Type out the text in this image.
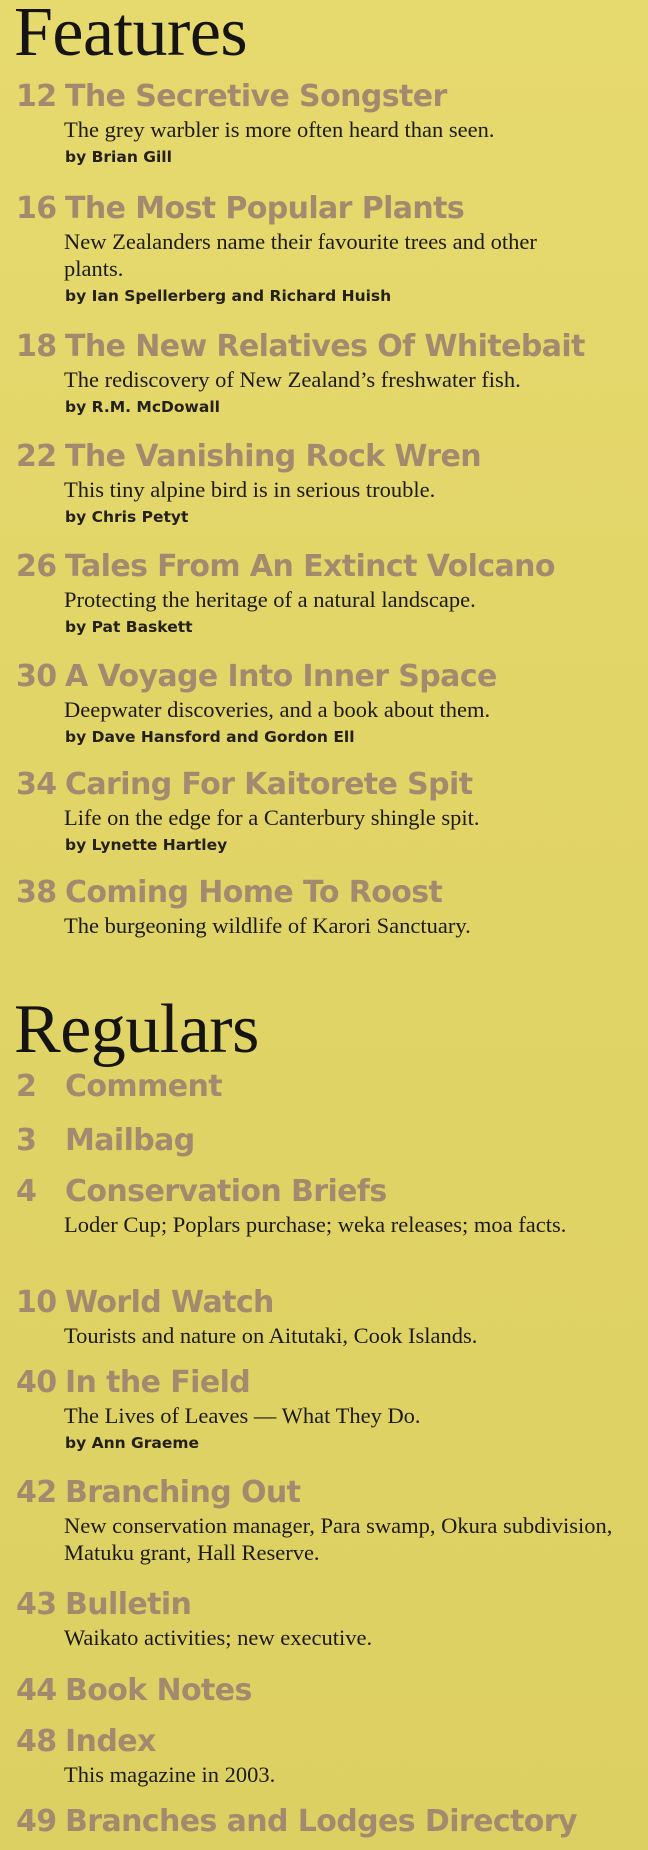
Features
12 The Secretive Songster
The grey warbler is more often heard than seen.
by Brian Gill
16 The Most Popular Plants
New Zealanders name their favourite trees and other plants.
by Ian Spellerberg and Richard Huish
18 The New Relatives Of Whitebait
The rediscovery of New Zealand’s freshwater fish.
by R.M. McDowall
22 The Vanishing Rock Wren
This tiny alpine bird is in serious trouble.
by Chris Petyt
26 Tales From An Extinct Volcano
Protecting the heritage of a natural landscape.
by Pat Baskett
30 A Voyage Into Inner Space
Deepwater discoveries, and a book about them.
by Dave Hansford and Gordon Ell
34 Caring For Kaitorete Spit
Life on the edge for a Canterbury shingle spit.
by Lynette Hartley
38 Coming Home To Roost
The burgeoning wildlife of Karori Sanctuary.
Regulars
2 Comment
3 Mailbag
4 Conservation Briefs
Loder Cup; Poplars purchase; weka releases; moa facts.
10 World Watch
Tourists and nature on Aitutaki, Cook Islands.
40 In the Field
The Lives of Leaves — What They Do.
by Ann Graeme
42 Branching Out
New conservation manager, Para swamp, Okura subdivision, Matuku grant, Hall Reserve.
43 Bulletin
Waikato activities; new executive.
44 Book Notes
48 Index
This magazine in 2003.
49 Branches and Lodges Directory
